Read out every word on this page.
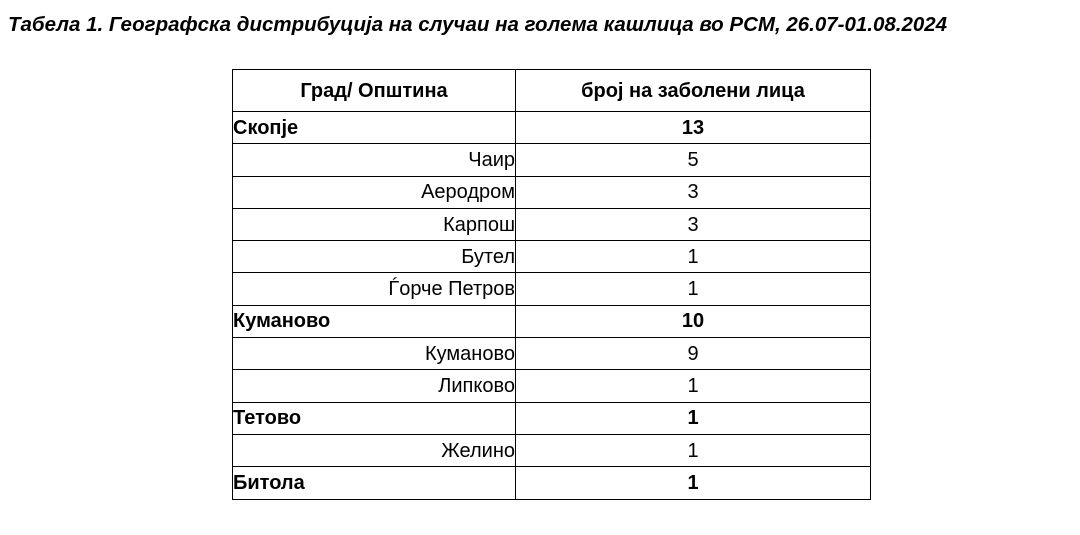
Табела 1. Географска дистрибуција на случаи на голема кашлица во РСМ, 26.07-01.08.2024
Град/ Општина	број на заболени лица
Скопје	13
Чаир	5
Аеродром	3
Карпош	3
Бутел	1
Ѓорче Петров	1
Куманово	10
Куманово	9
Липково	1
Тетово	1
Желино	1
Битола	1
